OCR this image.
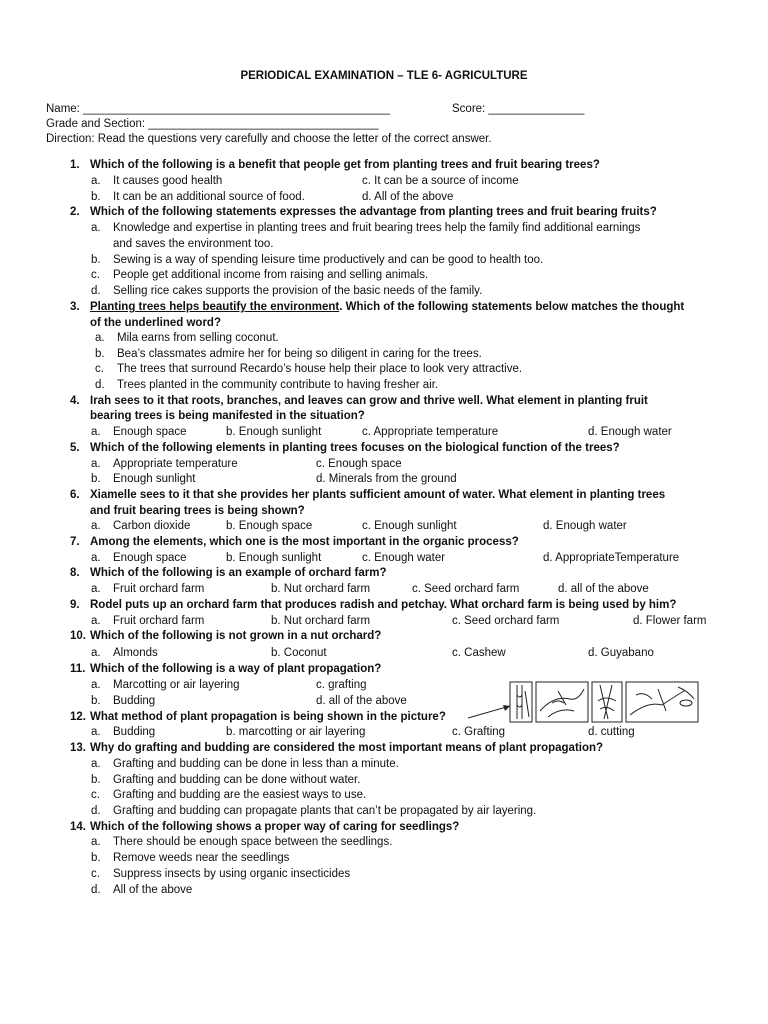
PERIODICAL EXAMINATION – TLE 6- AGRICULTURE
Name: ________________________________________________	Score: _______________
Grade and Section: ____________________________________
Direction: Read the questions very carefully and choose the letter of the correct answer.
1. Which of the following is a benefit that people get from planting trees and fruit bearing trees?
a. It causes good health
b. It can be an additional source of food.
c. It can be a source of income
d. All of the above
2. Which of the following statements expresses the advantage from planting trees and fruit bearing fruits?
a. Knowledge and expertise in planting trees and fruit bearing trees help the family find additional earnings
and saves the environment too.
b. Sewing is a way of spending leisure time productively and can be good to health too.
c. People get additional income from raising and selling animals.
d. Selling rice cakes supports the provision of the basic needs of the family.
3. Planting trees helps beautify the environment. Which of the following statements below matches the thought
of the underlined word?
a. Mila earns from selling coconut.
b. Bea’s classmates admire her for being so diligent in caring for the trees.
c. The trees that surround Recardo’s house help their place to look very attractive.
d. Trees planted in the community contribute to having fresher air.
4. Irah sees to it that roots, branches, and leaves can grow and thrive well. What element in planting fruit
bearing trees is being manifested in the situation?
a. Enough space	b. Enough sunlight	c. Appropriate temperature	d. Enough water
5. Which of the following elements in planting trees focuses on the biological function of the trees?
a. Appropriate temperature
b. Enough sunlight
c. Enough space
d. Minerals from the ground
6. Xiamelle sees to it that she provides her plants sufficient amount of water. What element in planting trees
and fruit bearing trees is being shown?
a. Carbon dioxide	b. Enough space	c. Enough sunlight	d. Enough water
7. Among the elements, which one is the most important in the organic process?
a. Enough space	b. Enough sunlight	c. Enough water	d. AppropriateTemperature
8. Which of the following is an example of orchard farm?
a. Fruit orchard farm	b. Nut orchard farm	c. Seed orchard farm	d. all of the above
9. Rodel puts up an orchard farm that produces radish and petchay. What orchard farm is being used by him?
a. Fruit orchard farm	b. Nut orchard farm	c. Seed orchard farm	d. Flower farm
10. Which of the following is not grown in a nut orchard?
a. Almonds	b. Coconut	c. Cashew	d. Guyabano
11. Which of the following is a way of plant propagation?
a. Marcotting or air layering
b. Budding
c. grafting
d. all of the above
12. What method of plant propagation is being shown in the picture?
a. Budding	b. marcotting or air layering	c. Grafting	d. cutting
13. Why do grafting and budding are considered the most important means of plant propagation?
a. Grafting and budding can be done in less than a minute.
b. Grafting and budding can be done without water.
c. Grafting and budding are the easiest ways to use.
d. Grafting and budding can propagate plants that can’t be propagated by air layering.
14. Which of the following shows a proper way of caring for seedlings?
a. There should be enough space between the seedlings.
b. Remove weeds near the seedlings
c. Suppress insects by using organic insecticides
d. All of the above
